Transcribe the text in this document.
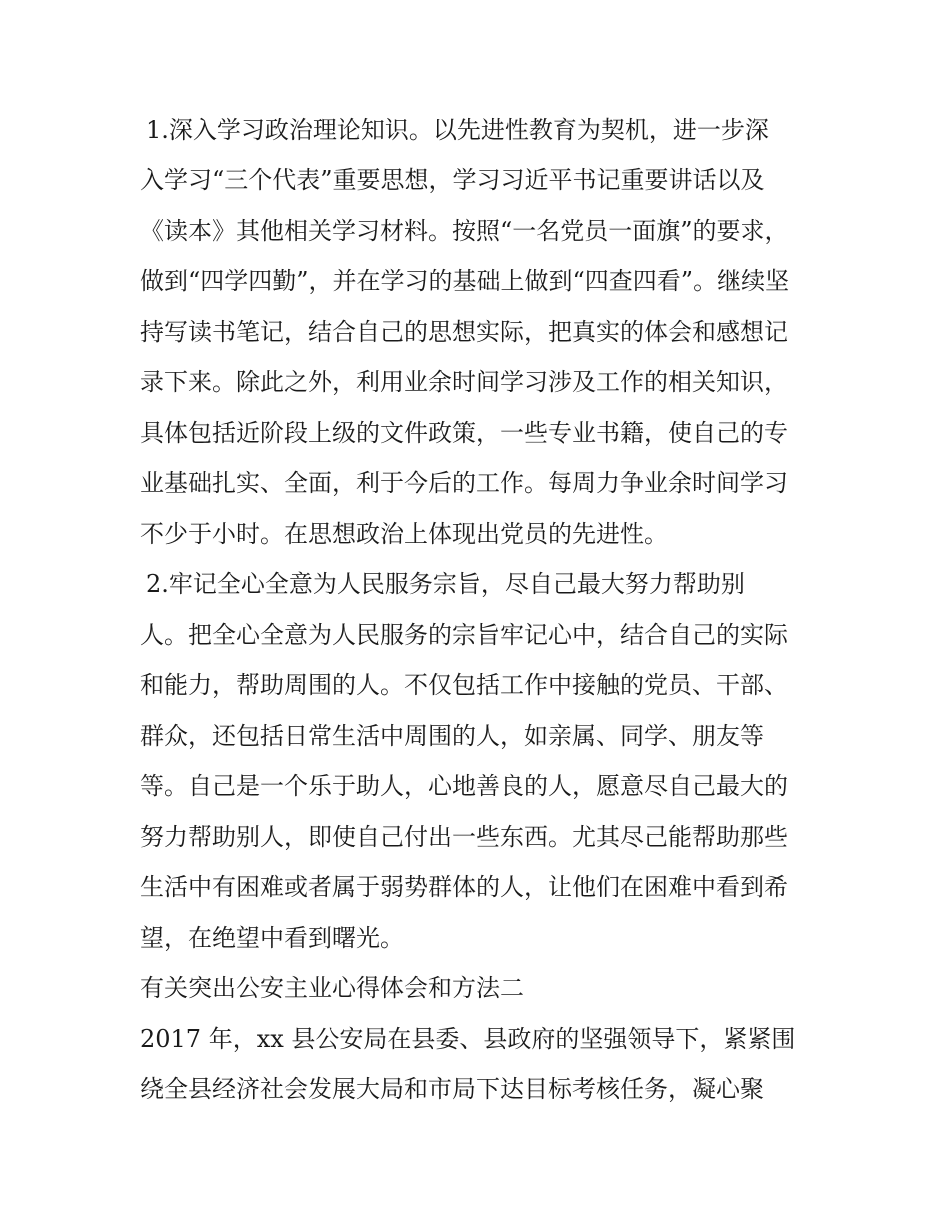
1.深入学习政治理论知识。以先进性教育为契机，进一步深
入学习“三个代表”重要思想，学习习近平书记重要讲话以及
《读本》其他相关学习材料。按照“一名党员一面旗”的要求，
做到“四学四勤”，并在学习的基础上做到“四查四看”。继续坚
持写读书笔记，结合自己的思想实际，把真实的体会和感想记
录下来。除此之外，利用业余时间学习涉及工作的相关知识，
具体包括近阶段上级的文件政策，一些专业书籍，使自己的专
业基础扎实、全面，利于今后的工作。每周力争业余时间学习
不少于小时。在思想政治上体现出党员的先进性。
2.牢记全心全意为人民服务宗旨，尽自己最大努力帮助别
人。把全心全意为人民服务的宗旨牢记心中，结合自己的实际
和能力，帮助周围的人。不仅包括工作中接触的党员、干部、
群众，还包括日常生活中周围的人，如亲属、同学、朋友等
等。自己是一个乐于助人，心地善良的人，愿意尽自己最大的
努力帮助别人，即使自己付出一些东西。尤其尽己能帮助那些
生活中有困难或者属于弱势群体的人，让他们在困难中看到希
望，在绝望中看到曙光。
有关突出公安主业心得体会和方法二
2017 年，xx 县公安局在县委、县政府的坚强领导下，紧紧围
绕全县经济社会发展大局和市局下达目标考核任务，凝心聚
